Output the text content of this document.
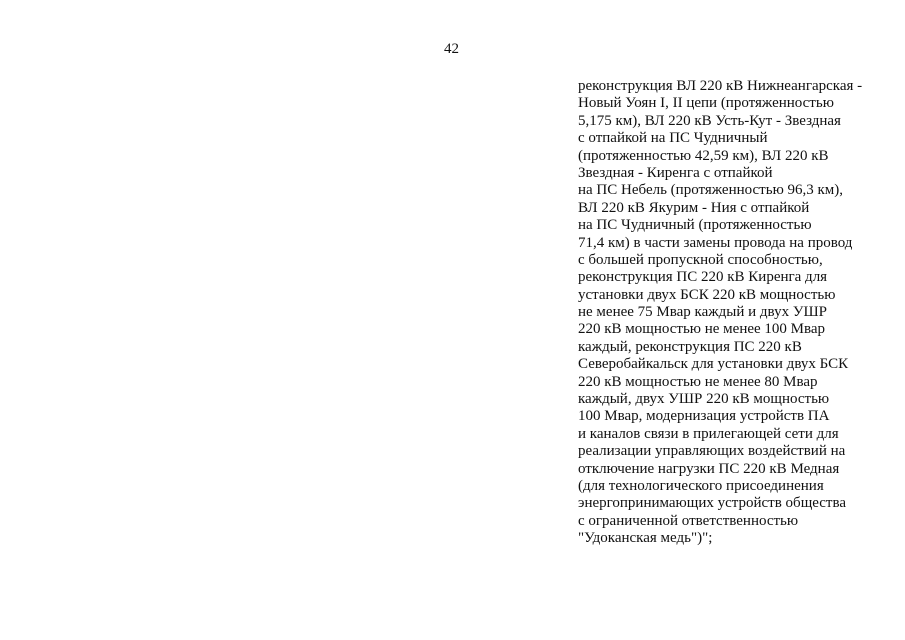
42
реконструкция ВЛ 220 кВ Нижнеангарская -
Новый Уоян I, II цепи (протяженностью
5,175 км), ВЛ 220 кВ Усть-Кут - Звездная
с отпайкой на ПС Чудничный
(протяженностью 42,59 км), ВЛ 220 кВ
Звездная - Киренга с отпайкой
на ПС Небель (протяженностью 96,3 км),
ВЛ 220 кВ Якурим - Ния с отпайкой
на ПС Чудничный (протяженностью
71,4 км) в части замены провода на провод
с большей пропускной способностью,
реконструкция ПС 220 кВ Киренга для
установки двух БСК 220 кВ мощностью
не менее 75 Мвар каждый и двух УШР
220 кВ мощностью не менее 100 Мвар
каждый, реконструкция ПС 220 кВ
Северобайкальск для установки двух БСК
220 кВ мощностью не менее 80 Мвар
каждый, двух УШР 220 кВ мощностью
100 Мвар, модернизация устройств ПА
и каналов связи в прилегающей сети для
реализации управляющих воздействий на
отключение нагрузки ПС 220 кВ Медная
(для технологического присоединения
энергопринимающих устройств общества
с ограниченной ответственностью
"Удоканская медь")";
